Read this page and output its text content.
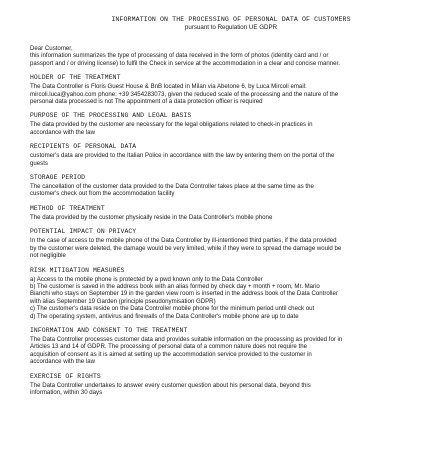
INFORMATION ON THE PROCESSING OF PERSONAL DATA OF CUSTOMERS
pursuant to Regulation UE GDPR
Dear Customer,
this information summarizes the type of processing of data received in the form of photos (identity card and / or
passport and / or driving license) to fulfil the Check in service at the accommodation in a clear and concise manner.
HOLDER OF THE TREATMENT
The Data Controller is Floris Guest House & BnB located in Milan via Abetone 6, by Luca Mircoli email:
mircoli.luca@yahoo.com phone: +39 3454283073, given the reduced scale of the processing and the nature of the
personal data processed is not The appointment of a data protection officer is required
PURPOSE OF THE PROCESSING AND LEGAL BASIS
The data provided by the customer are necessary for the legal obligations related to check-in practices in
accordance with the law
RECIPIENTS OF PERSONAL DATA
customer's data are provided to the Italian Police in accordance with the law by entering them on the portal of the
guests
STORAGE PERIOD
The cancellation of the customer data provided to the Data Controller takes place at the same time as the
customer's check out from the accommodation facility
METHOD OF TREATMENT
The data provided by the customer physically reside in the Data Controller's mobile phone
POTENTIAL IMPACT ON PRIVACY
In the case of access to the mobile phone of the Data Controller by ill-intentioned third parties, if the data provided
by the customer were deleted, the damage would be very limited, while if they were to spread the damage would be
not negligible
RISK MITIGATION MEASURES
a) Access to the mobile phone is protected by a pwd known only to the Data Controller
b) The customer is saved in the address book with an alias formed by check day + month + room, Mr. Mario
Bianchi who stays on September 19 in the garden view room is inserted in the address book of the Data Controller
with alias September 19 Garden (principle pseudonymisation GDPR)
c) The customer's data reside on the Data Controller mobile phone for the minimum period until check out
d) The operating system, antivirus and firewalls of the Data Controller's mobile phone are up to date
INFORMATION AND CONSENT TO THE TREATMENT
The Data Controller processes customer data and provides suitable information on the processing as provided for in
Articles 13 and 14 of GDPR. The processing of personal data of a common nature does not require the
acquisition of consent as it is aimed at setting up the accommodation service provided to the customer in
accordance with the law
EXERCISE OF RIGHTS
The Data Controller undertakes to answer every customer question about his personal data, beyond this
information, within 30 days
